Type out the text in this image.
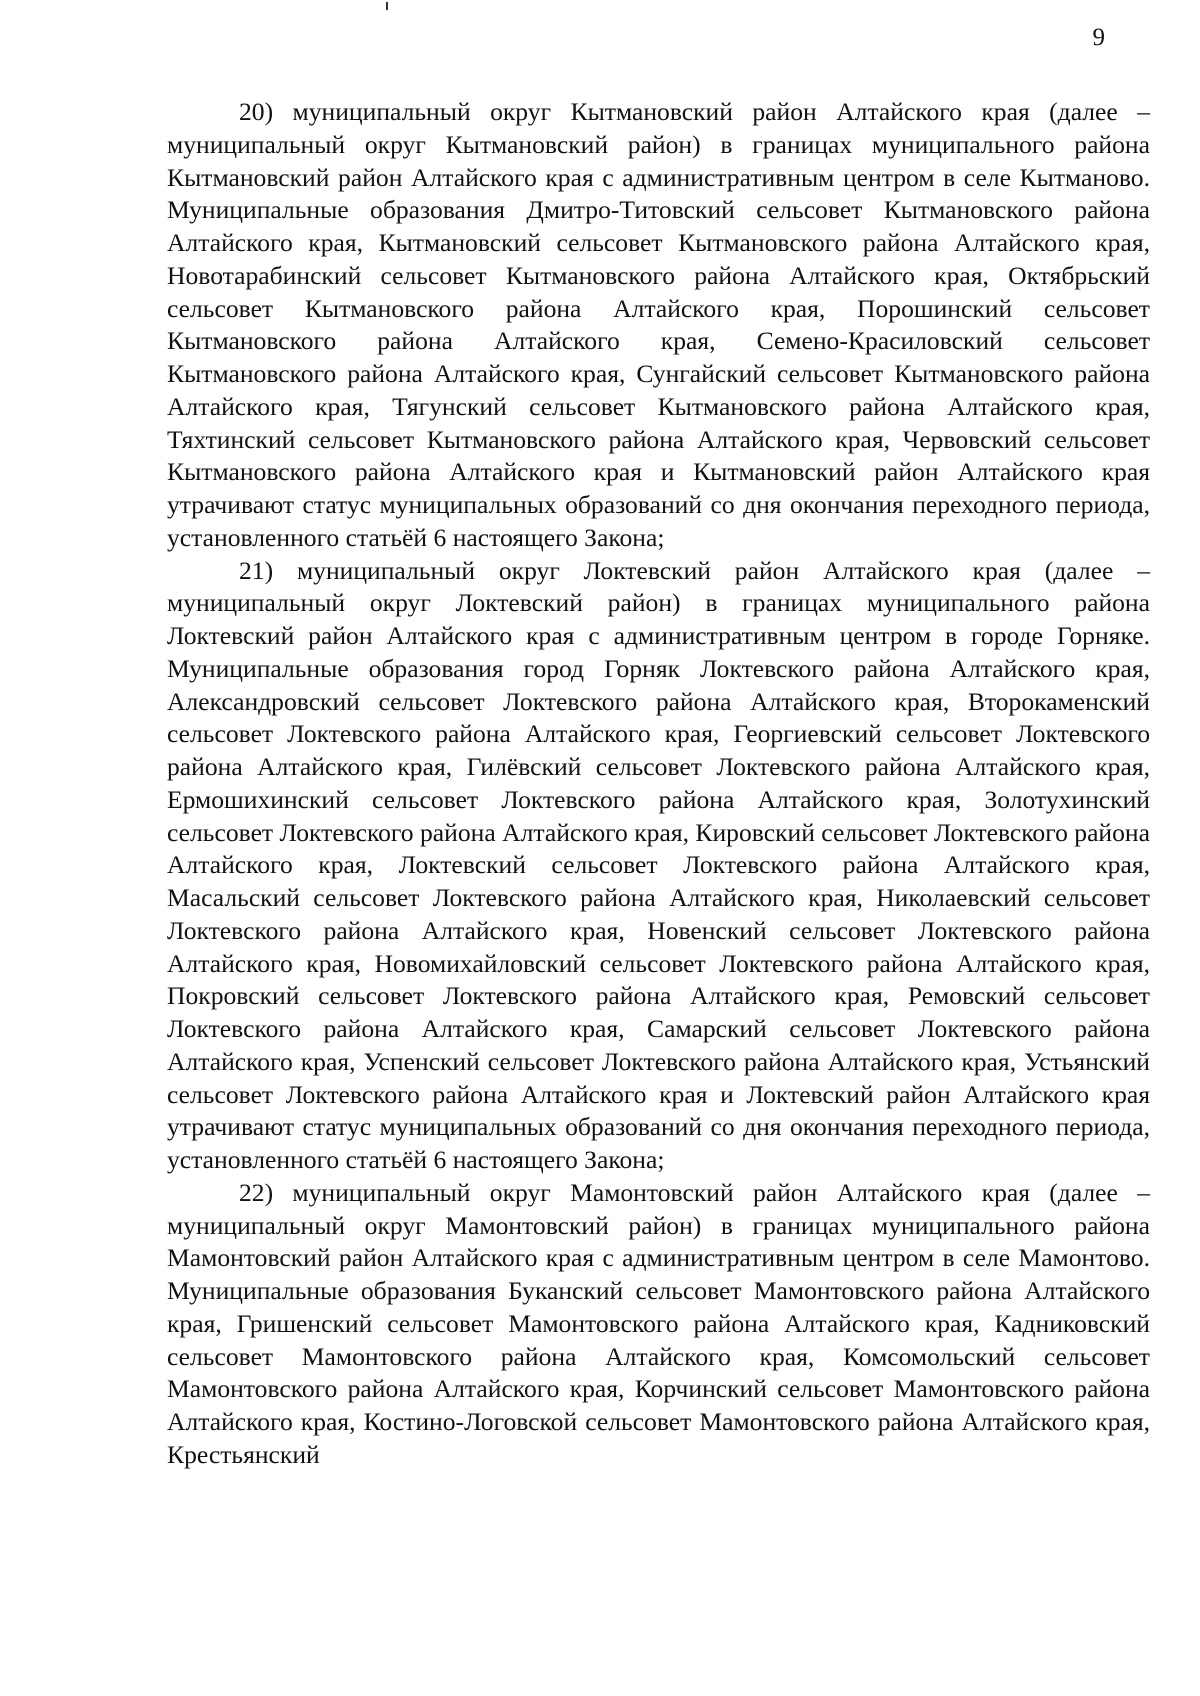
9

20) муниципальный округ Кытмановский район Алтайского края (далее – муниципальный округ Кытмановский район) в границах муниципального района Кытмановский район Алтайского края с административным центром в селе Кытманово. Муниципальные образования Дмитро-Титовский сельсовет Кытмановского района Алтайского края, Кытмановский сельсовет Кытмановского района Алтайского края, Новотарабинский сельсовет Кытмановского района Алтайского края, Октябрьский сельсовет Кытмановского района Алтайского края, Порошинский сельсовет Кытмановского района Алтайского края, Семено-Красиловский сельсовет Кытмановского района Алтайского края, Сунгайский сельсовет Кытмановского района Алтайского края, Тягунский сельсовет Кытмановского района Алтайского края, Тяхтинский сельсовет Кытмановского района Алтайского края, Червовский сельсовет Кытмановского района Алтайского края и Кытмановский район Алтайского края утрачивают статус муниципальных образований со дня окончания переходного периода, установленного статьёй 6 настоящего Закона;

21) муниципальный округ Локтевский район Алтайского края (далее – муниципальный округ Локтевский район) в границах муниципального района Локтевский район Алтайского края с административным центром в городе Горняке. Муниципальные образования город Горняк Локтевского района Алтайского края, Александровский сельсовет Локтевского района Алтайского края, Второкаменский сельсовет Локтевского района Алтайского края, Георгиевский сельсовет Локтевского района Алтайского края, Гилёвский сельсовет Локтевского района Алтайского края, Ермошихинский сельсовет Локтевского района Алтайского края, Золотухинский сельсовет Локтевского района Алтайского края, Кировский сельсовет Локтевского района Алтайского края, Локтевский сельсовет Локтевского района Алтайского края, Масальский сельсовет Локтевского района Алтайского края, Николаевский сельсовет Локтевского района Алтайского края, Новенский сельсовет Локтевского района Алтайского края, Новомихайловский сельсовет Локтевского района Алтайского края, Покровский сельсовет Локтевского района Алтайского края, Ремовский сельсовет Локтевского района Алтайского края, Самарский сельсовет Локтевского района Алтайского края, Успенский сельсовет Локтевского района Алтайского края, Устьянский сельсовет Локтевского района Алтайского края и Локтевский район Алтайского края утрачивают статус муниципальных образований со дня окончания переходного периода, установленного статьёй 6 настоящего Закона;

22) муниципальный округ Мамонтовский район Алтайского края (далее – муниципальный округ Мамонтовский район) в границах муниципального района Мамонтовский район Алтайского края с административным центром в селе Мамонтово. Муниципальные образования Буканский сельсовет Мамонтовского района Алтайского края, Гришенский сельсовет Мамонтовского района Алтайского края, Кадниковский сельсовет Мамонтовского района Алтайского края, Комсомольский сельсовет Мамонтовского района Алтайского края, Корчинский сельсовет Мамонтовского района Алтайского края, Костино-Логовской сельсовет Мамонтовского района Алтайского края, Крестьянский
